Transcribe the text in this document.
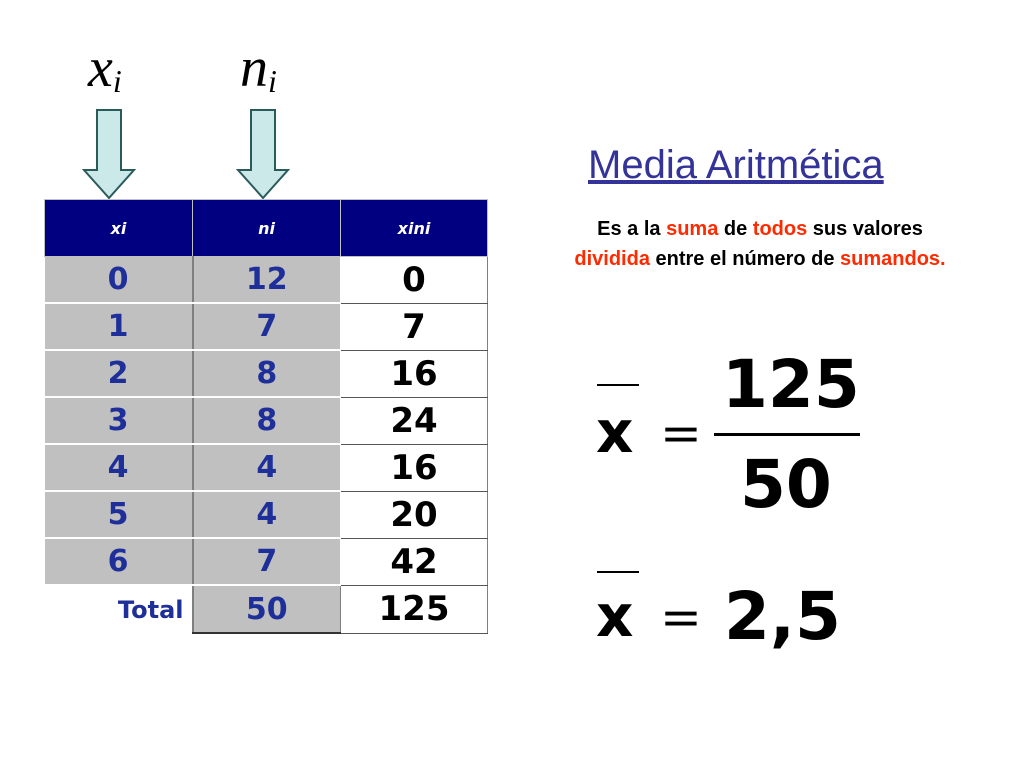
$x_i$ $n_i$
xi	ni	xini
0	12	0
1	7	7
2	8	16
3	8	24
4	4	16
5	4	20
6	7	42
Total	50	125
Media Aritmética
Es a la suma de todos sus valores
dividida entre el número de sumandos.
x =
125
50
x = 2,5
